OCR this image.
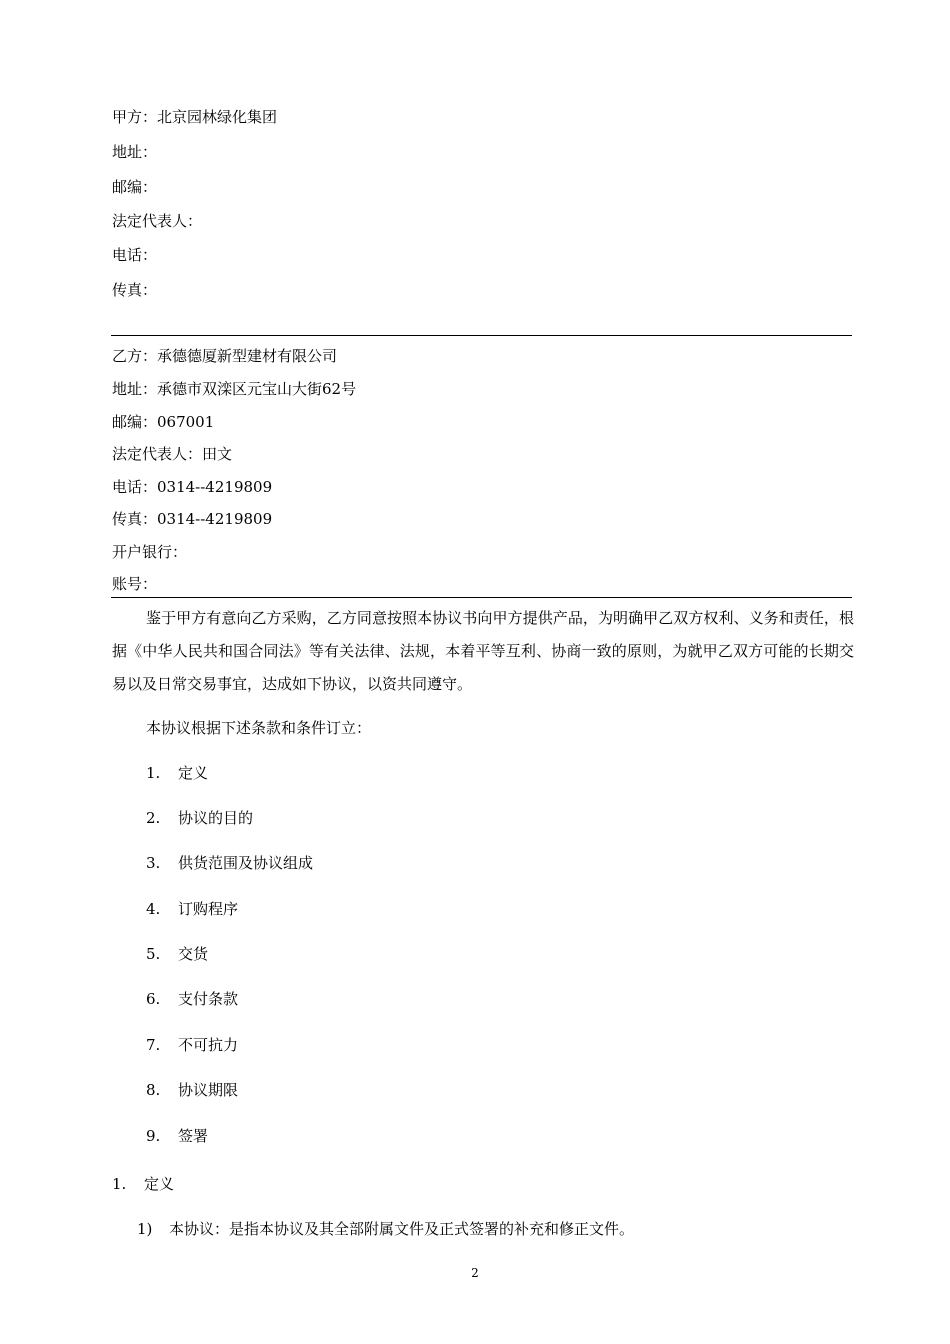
甲方：北京园林绿化集团
地址：
邮编：
法定代表人：
电话：
传真：
乙方：承德德厦新型建材有限公司
地址：承德市双滦区元宝山大街62号
邮编：067001
法定代表人：田文
电话：0314--4219809
传真：0314--4219809
开户银行：
账号：
鉴于甲方有意向乙方采购，乙方同意按照本协议书向甲方提供产品，为明确甲乙双方权利、义务和责任，根据《中华人民共和国合同法》等有关法律、法规，本着平等互利、协商一致的原则，为就甲乙双方可能的长期交易以及日常交易事宜，达成如下协议，以资共同遵守。
本协议根据下述条款和条件订立：
1. 定义
2. 协议的目的
3. 供货范围及协议组成
4. 订购程序
5. 交货
6. 支付条款
7. 不可抗力
8. 协议期限
9. 签署
1. 定义
1) 本协议：是指本协议及其全部附属文件及正式签署的补充和修正文件。
2
